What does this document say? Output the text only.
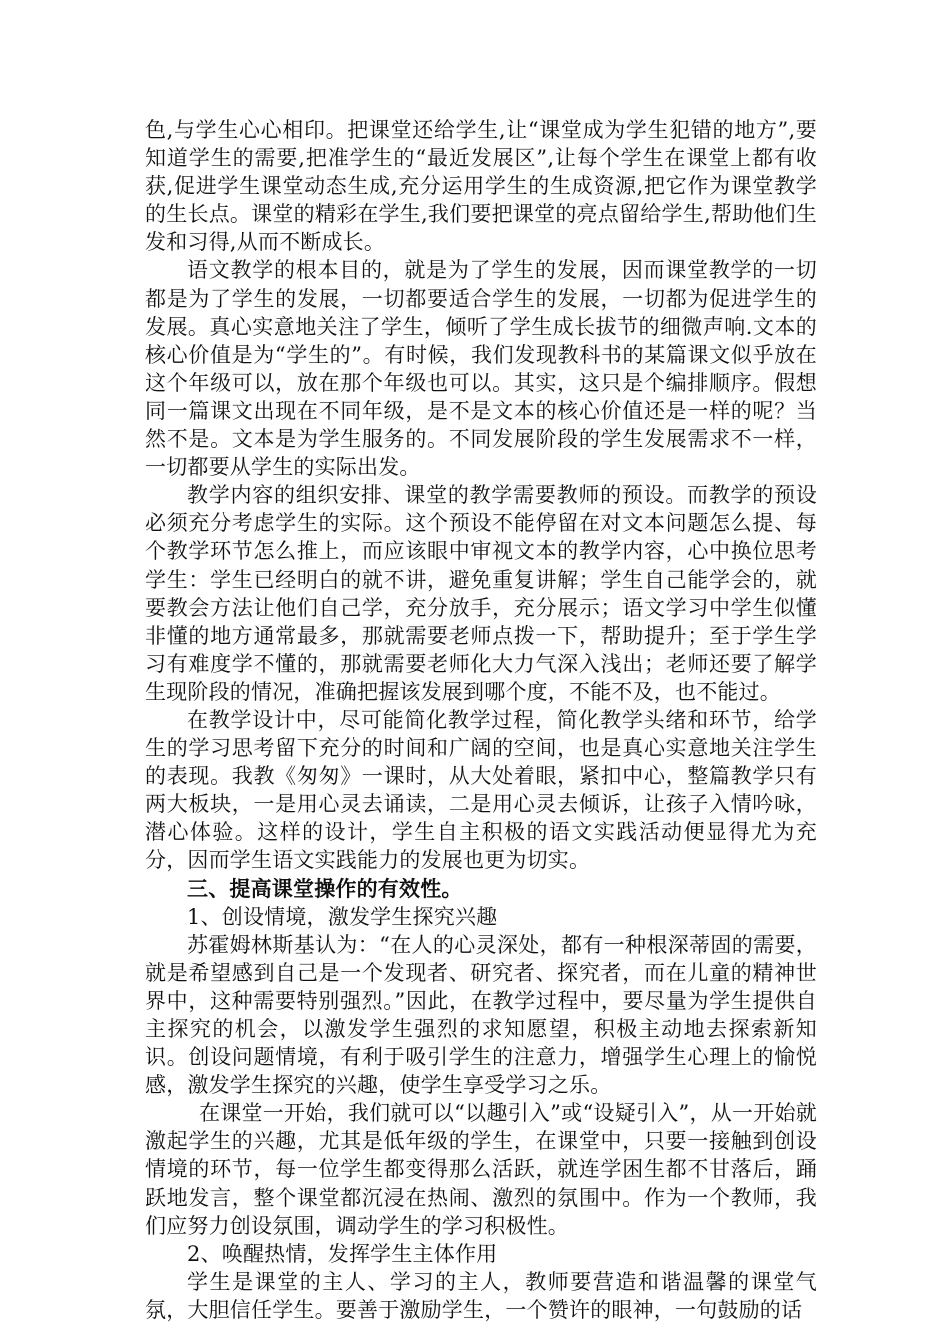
色,与学生心心相印。把课堂还给学生,让“课堂成为学生犯错的地方”,要知道学生的需要,把准学生的“最近发展区”,让每个学生在课堂上都有收获,促进学生课堂动态生成,充分运用学生的生成资源,把它作为课堂教学的生长点。课堂的精彩在学生,我们要把课堂的亮点留给学生,帮助他们生发和习得,从而不断成长。

语文教学的根本目的，就是为了学生的发展，因而课堂教学的一切都是为了学生的发展，一切都要适合学生的发展，一切都为促进学生的发展。真心实意地关注了学生，倾听了学生成长拔节的细微声响.文本的核心价值是为“学生的”。有时候，我们发现教科书的某篇课文似乎放在这个年级可以，放在那个年级也可以。其实，这只是个编排顺序。假想同一篇课文出现在不同年级，是不是文本的核心价值还是一样的呢？当然不是。文本是为学生服务的。不同发展阶段的学生发展需求不一样，一切都要从学生的实际出发。

教学内容的组织安排、课堂的教学需要教师的预设。而教学的预设必须充分考虑学生的实际。这个预设不能停留在对文本问题怎么提、每个教学环节怎么推上，而应该眼中审视文本的教学内容，心中换位思考学生：学生已经明白的就不讲，避免重复讲解；学生自己能学会的，就要教会方法让他们自己学，充分放手，充分展示；语文学习中学生似懂非懂的地方通常最多，那就需要老师点拨一下，帮助提升；至于学生学习有难度学不懂的，那就需要老师化大力气深入浅出；老师还要了解学生现阶段的情况，准确把握该发展到哪个度，不能不及，也不能过。

在教学设计中，尽可能简化教学过程，简化教学头绪和环节，给学生的学习思考留下充分的时间和广阔的空间，也是真心实意地关注学生的表现。我教《匆匆》一课时，从大处着眼，紧扣中心，整篇教学只有两大板块，一是用心灵去诵读，二是用心灵去倾诉，让孩子入情吟咏，潜心体验。这样的设计，学生自主积极的语文实践活动便显得尤为充分，因而学生语文实践能力的发展也更为切实。

三、提高课堂操作的有效性。

1、创设情境，激发学生探究兴趣

苏霍姆林斯基认为：“在人的心灵深处，都有一种根深蒂固的需要，就是希望感到自己是一个发现者、研究者、探究者，而在儿童的精神世界中，这种需要特别强烈。”因此，在教学过程中，要尽量为学生提供自主探究的机会，以激发学生强烈的求知愿望，积极主动地去探索新知识。创设问题情境，有利于吸引学生的注意力，增强学生心理上的愉悦感，激发学生探究的兴趣，使学生享受学习之乐。

在课堂一开始，我们就可以“以趣引入”或“设疑引入”，从一开始就激起学生的兴趣，尤其是低年级的学生，在课堂中，只要一接触到创设情境的环节，每一位学生都变得那么活跃，就连学困生都不甘落后，踊跃地发言，整个课堂都沉浸在热闹、激烈的氛围中。作为一个教师，我们应努力创设氛围，调动学生的学习积极性。

2、唤醒热情，发挥学生主体作用

学生是课堂的主人、学习的主人，教师要营造和谐温馨的课堂气氛，大胆信任学生。要善于激励学生，一个赞许的眼神，一句鼓励的话
